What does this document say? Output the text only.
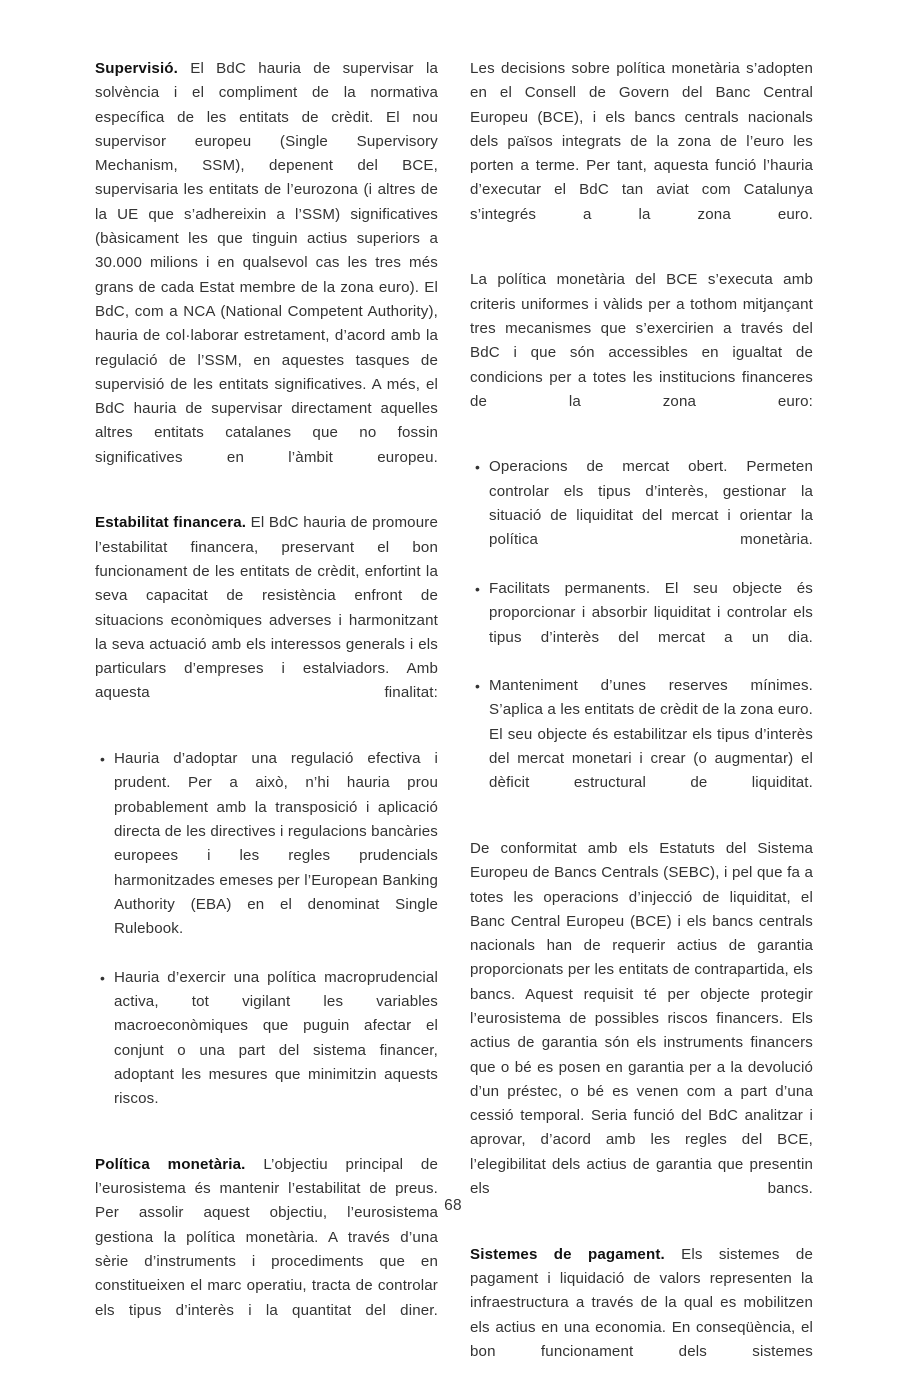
Supervisió. El BdC hauria de supervisar la solvència i el compliment de la normativa específica de les entitats de crèdit. El nou supervisor europeu (Single Supervisory Mechanism, SSM), depenent del BCE, supervisaria les entitats de l’eurozona (i altres de la UE que s’adhereixin a l’SSM) significatives (bàsicament les que tinguin actius superiors a 30.000 milions i en qualsevol cas les tres més grans de cada Estat membre de la zona euro). El BdC, com a NCA (National Competent Authority), hauria de col·laborar estretament, d’acord amb la regulació de l’SSM, en aquestes tasques de supervisió de les entitats significatives. A més, el BdC hauria de supervisar directament aquelles altres entitats catalanes que no fossin significatives en l’àmbit europeu.

Estabilitat financera. El BdC hauria de promoure l’estabilitat financera, preservant el bon funcionament de les entitats de crèdit, enfortint la seva capacitat de resistència enfront de situacions econòmiques adverses i harmonitzant la seva actuació amb els interessos generals i els particulars d’empreses i estalviadors. Amb aquesta finalitat:

• Hauria d’adoptar una regulació efectiva i prudent. Per a això, n’hi hauria prou probablement amb la transposició i aplicació directa de les directives i regulacions bancàries europees i les regles prudencials harmonitzades emeses per l’European Banking Authority (EBA) en el denominat Single Rulebook.
• Hauria d’exercir una política macroprudencial activa, tot vigilant les variables macroeconòmiques que puguin afectar el conjunt o una part del sistema financer, adoptant les mesures que minimitzin aquests riscos.

Política monetària. L’objectiu principal de l’eurosistema és mantenir l’estabilitat de preus. Per assolir aquest objectiu, l’eurosistema gestiona la política monetària. A través d’una sèrie d’instruments i procediments que en constitueixen el marc operatiu, tracta de controlar els tipus d’interès i la quantitat del diner.

Les decisions sobre política monetària s’adopten en el Consell de Govern del Banc Central Europeu (BCE), i els bancs centrals nacionals dels països integrats de la zona de l’euro les porten a terme. Per tant, aquesta funció l’hauria d’executar el BdC tan aviat com Catalunya s’integrés a la zona euro.

La política monetària del BCE s’executa amb criteris uniformes i vàlids per a tothom mitjançant tres mecanismes que s’exercirien a través del BdC i que són accessibles en igualtat de condicions per a totes les institucions financeres de la zona euro:

• Operacions de mercat obert. Permeten controlar els tipus d’interès, gestionar la situació de liquiditat del mercat i orientar la política monetària.
• Facilitats permanents. El seu objecte és proporcionar i absorbir liquiditat i controlar els tipus d’interès del mercat a un dia.
• Manteniment d’unes reserves mínimes. S’aplica a les entitats de crèdit de la zona euro. El seu objecte és estabilitzar els tipus d’interès del mercat monetari i crear (o augmentar) el dèficit estructural de liquiditat.

De conformitat amb els Estatuts del Sistema Europeu de Bancs Centrals (SEBC), i pel que fa a totes les operacions d’injecció de liquiditat, el Banc Central Europeu (BCE) i els bancs centrals nacionals han de requerir actius de garantia proporcionats per les entitats de contrapartida, els bancs. Aquest requisit té per objecte protegir l’eurosistema de possibles riscos financers. Els actius de garantia són els instruments financers que o bé es posen en garantia per a la devolució d’un préstec, o bé es venen com a part d’una cessió temporal. Seria funció del BdC analitzar i aprovar, d’acord amb les regles del BCE, l’elegibilitat dels actius de garantia que presentin els bancs.

Sistemes de pagament. Els sistemes de pagament i liquidació de valors representen la infraestructura a través de la qual es mobilitzen els actius en una economia. En conseqüència, el bon funcionament dels sistemes

68
